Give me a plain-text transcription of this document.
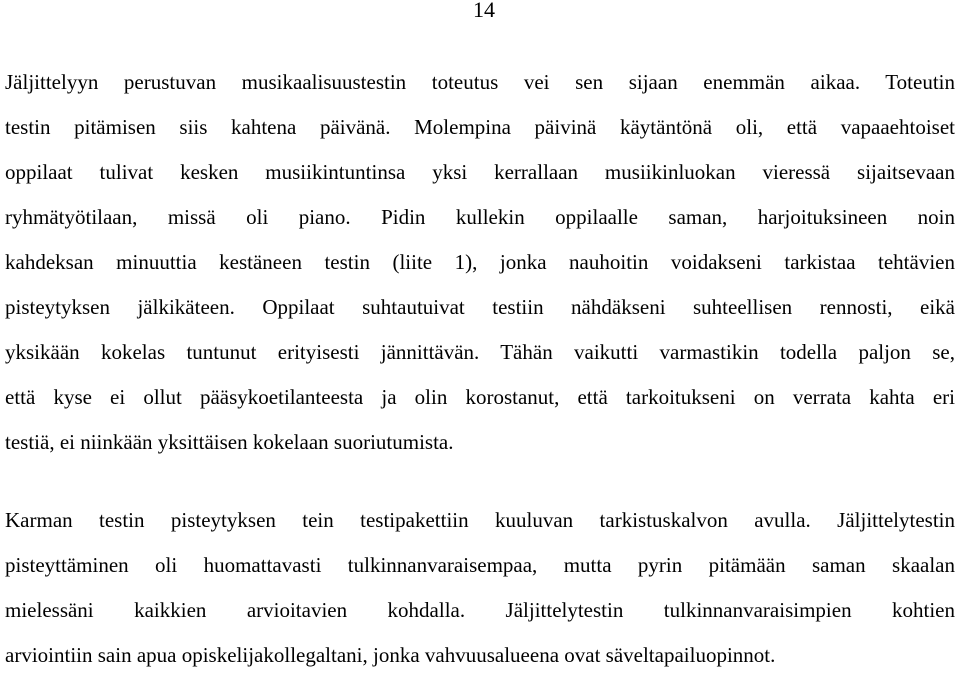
14
Jäljittelyyn perustuvan musikaalisuustestin toteutus vei sen sijaan enemmän aikaa. Toteutin
testin pitämisen siis kahtena päivänä. Molempina päivinä käytäntönä oli, että vapaaehtoiset
oppilaat tulivat kesken musiikintuntinsa yksi kerrallaan musiikinluokan vieressä sijaitsevaan
ryhmätyötilaan, missä oli piano. Pidin kullekin oppilaalle saman, harjoituksineen noin
kahdeksan minuuttia kestäneen testin (liite 1), jonka nauhoitin voidakseni tarkistaa tehtävien
pisteytyksen jälkikäteen. Oppilaat suhtautuivat testiin nähdäkseni suhteellisen rennosti, eikä
yksikään kokelas tuntunut erityisesti jännittävän. Tähän vaikutti varmastikin todella paljon se,
että kyse ei ollut pääsykoetilanteesta ja olin korostanut, että tarkoitukseni on verrata kahta eri
testiä, ei niinkään yksittäisen kokelaan suoriutumista.
Karman testin pisteytyksen tein testipakettiin kuuluvan tarkistuskalvon avulla. Jäljittelytestin
pisteyttäminen oli huomattavasti tulkinnanvaraisempaa, mutta pyrin pitämään saman skaalan
mielessäni kaikkien arvioitavien kohdalla. Jäljittelytestin tulkinnanvaraisimpien kohtien
arviointiin sain apua opiskelijakollegaltani, jonka vahvuusalueena ovat säveltapailuopinnot.
